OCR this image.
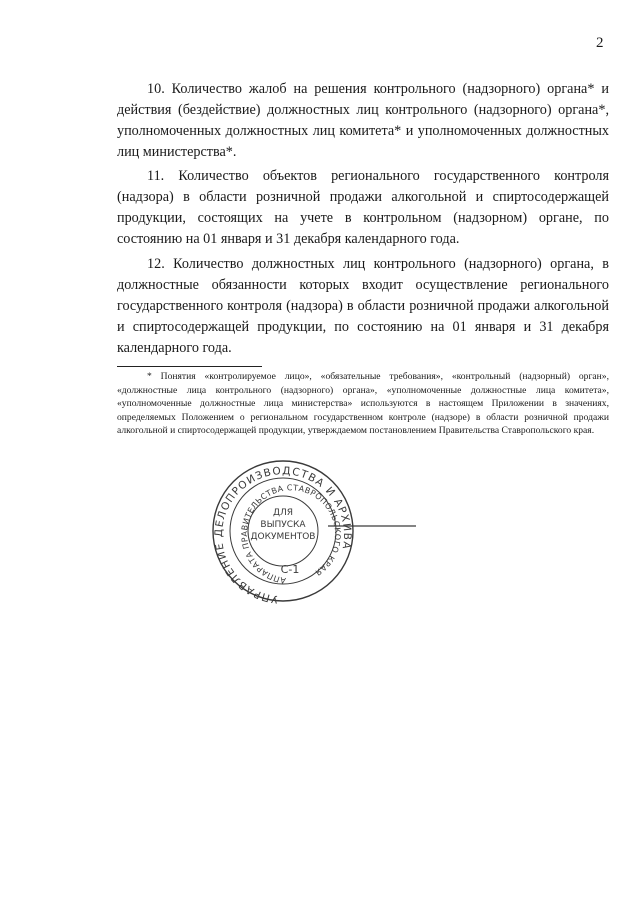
2

10. Количество жалоб на решения контрольного (надзорного) органа* и действия (бездействие) должностных лиц контрольного (надзорного) органа*, уполномоченных должностных лиц комитета* и уполномоченных должностных лиц министерства*.

11. Количество объектов регионального государственного контроля (надзора) в области розничной продажи алкогольной и спиртосодержащей продукции, состоящих на учете в контрольном (надзорном) органе, по состоянию на 01 января и 31 декабря календарного года.

12. Количество должностных лиц контрольного (надзорного) органа, в должностные обязанности которых входит осуществление регионального государственного контроля (надзора) в области розничной продажи алкогольной и спиртосодержащей продукции, по состоянию на 01 января и 31 декабря календарного года.

* Понятия «контролируемое лицо», «обязательные требования», «контрольный (надзорный) орган», «должностные лица контрольного (надзорного) органа», «уполномоченные должностные лица комитета», «уполномоченные должностные лица министерства» используются в настоящем Приложении в значениях, определяемых Положением о региональном государственном контроле (надзоре) в области розничной продажи алкогольной и спиртосодержащей продукции, утверждаемом постановлением Правительства Ставропольского края.

УПРАВЛЕНИЕ ДЕЛОПРОИЗВОДСТВА И АРХИВА
АППАРАТА ПРАВИТЕЛЬСТВА СТАВРОПОЛЬСКОГО КРАЯ
ДЛЯ
ВЫПУСКА
ДОКУМЕНТОВ
С-1
